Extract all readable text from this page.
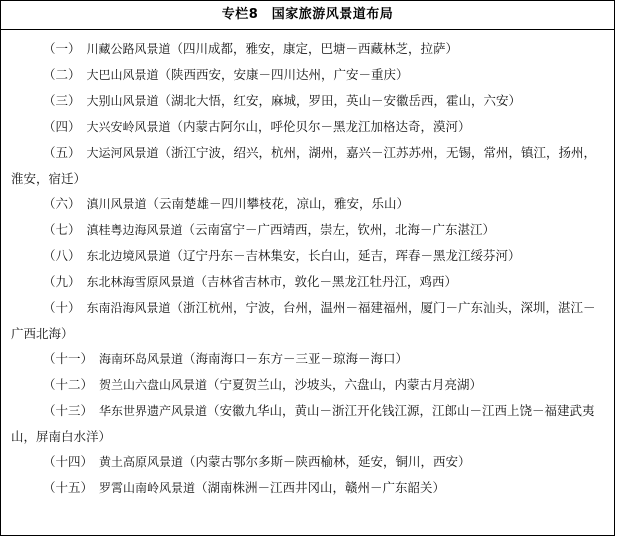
专栏8　国家旅游风景道布局

（一） 川藏公路风景道（四川成都，雅安，康定，巴塘－西藏林芝，拉萨）

（二） 大巴山风景道（陕西西安，安康－四川达州，广安－重庆）

（三） 大别山风景道（湖北大悟，红安，麻城，罗田，英山－安徽岳西，霍山，六安）

（四） 大兴安岭风景道（内蒙古阿尔山，呼伦贝尔－黑龙江加格达奇，漠河）

（五） 大运河风景道（浙江宁波，绍兴，杭州，湖州，嘉兴－江苏苏州，无锡，常州，镇江，扬州，淮安，宿迁）

（六） 滇川风景道（云南楚雄－四川攀枝花，凉山，雅安，乐山）

（七） 滇桂粤边海风景道（云南富宁－广西靖西，崇左，钦州，北海－广东湛江）

（八） 东北边境风景道（辽宁丹东－吉林集安，长白山，延吉，珲春－黑龙江绥芬河）

（九） 东北林海雪原风景道（吉林省吉林市，敦化－黑龙江牡丹江，鸡西）

（十） 东南沿海风景道（浙江杭州，宁波，台州，温州－福建福州，厦门－广东汕头，深圳，湛江－广西北海）

（十一） 海南环岛风景道（海南海口－东方－三亚－琼海－海口）

（十二） 贺兰山六盘山风景道（宁夏贺兰山，沙坡头，六盘山，内蒙古月亮湖）

（十三） 华东世界遗产风景道（安徽九华山，黄山－浙江开化钱江源，江郎山－江西上饶－福建武夷山，屏南白水洋）

（十四） 黄土高原风景道（内蒙古鄂尔多斯－陕西榆林，延安，铜川，西安）

（十五） 罗霄山南岭风景道（湖南株洲－江西井冈山，赣州－广东韶关）
